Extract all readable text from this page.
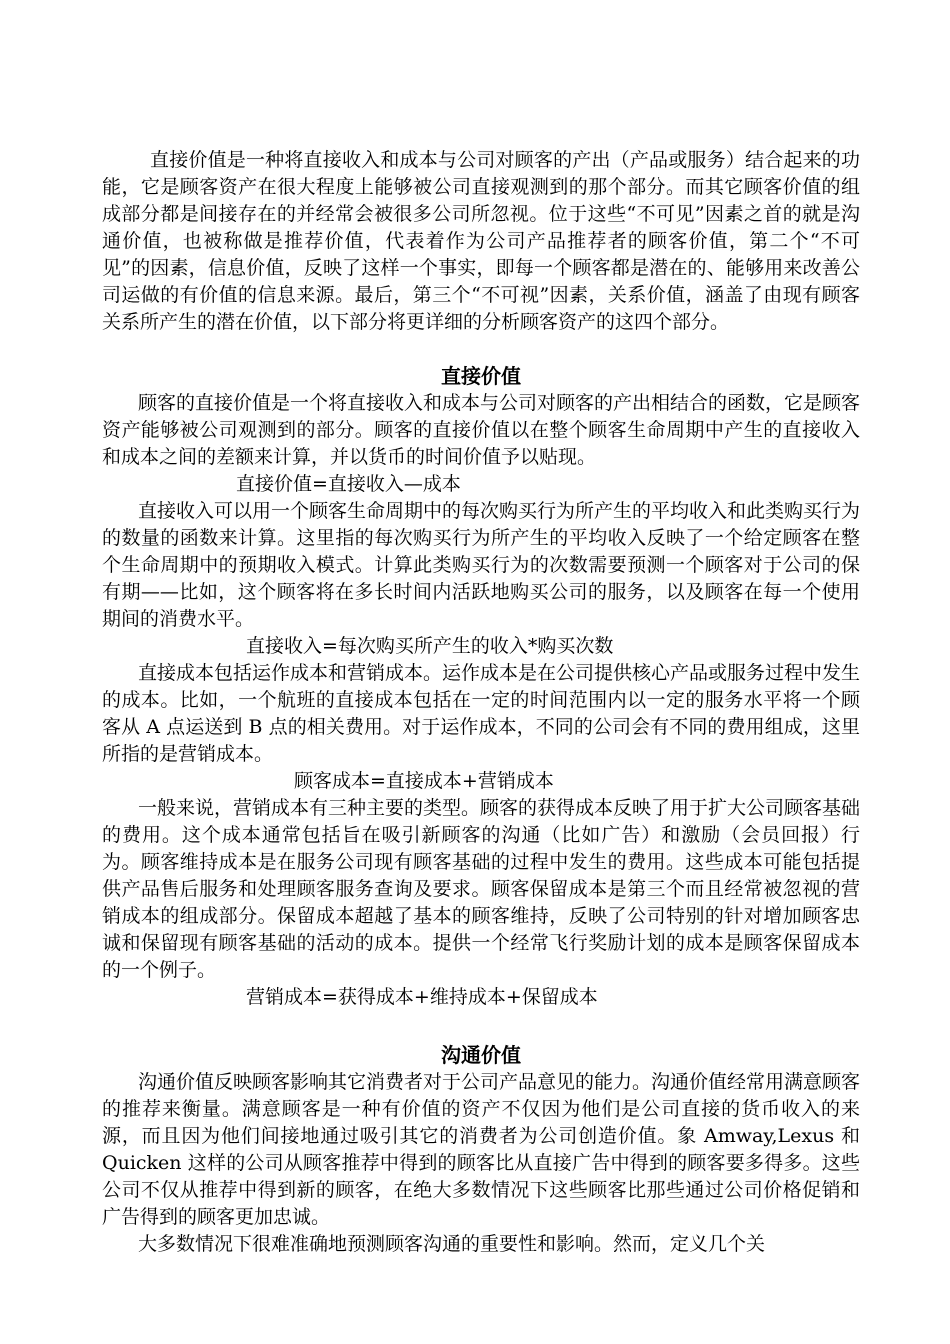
直接价值是一种将直接收入和成本与公司对顾客的产出（产品或服务）结合起来的功能，它是顾客资产在很大程度上能够被公司直接观测到的那个部分。而其它顾客价值的组成部分都是间接存在的并经常会被很多公司所忽视。位于这些“不可见”因素之首的就是沟通价值，也被称做是推荐价值，代表着作为公司产品推荐者的顾客价值，第二个“不可见”的因素，信息价值，反映了这样一个事实，即每一个顾客都是潜在的、能够用来改善公司运做的有价值的信息来源。最后，第三个“不可视”因素，关系价值，涵盖了由现有顾客关系所产生的潜在价值，以下部分将更详细的分析顾客资产的这四个部分。

直接价值

顾客的直接价值是一个将直接收入和成本与公司对顾客的产出相结合的函数，它是顾客资产能够被公司观测到的部分。顾客的直接价值以在整个顾客生命周期中产生的直接收入和成本之间的差额来计算，并以货币的时间价值予以贴现。

直接价值=直接收入—成本

直接收入可以用一个顾客生命周期中的每次购买行为所产生的平均收入和此类购买行为的数量的函数来计算。这里指的每次购买行为所产生的平均收入反映了一个给定顾客在整个生命周期中的预期收入模式。计算此类购买行为的次数需要预测一个顾客对于公司的保有期——比如，这个顾客将在多长时间内活跃地购买公司的服务，以及顾客在每一个使用期间的消费水平。

直接收入=每次购买所产生的收入*购买次数

直接成本包括运作成本和营销成本。运作成本是在公司提供核心产品或服务过程中发生的成本。比如，一个航班的直接成本包括在一定的时间范围内以一定的服务水平将一个顾客从 A 点运送到 B 点的相关费用。对于运作成本，不同的公司会有不同的费用组成，这里所指的是营销成本。

顾客成本=直接成本+营销成本

一般来说，营销成本有三种主要的类型。顾客的获得成本反映了用于扩大公司顾客基础的费用。这个成本通常包括旨在吸引新顾客的沟通（比如广告）和激励（会员回报）行为。顾客维持成本是在服务公司现有顾客基础的过程中发生的费用。这些成本可能包括提供产品售后服务和处理顾客服务查询及要求。顾客保留成本是第三个而且经常被忽视的营销成本的组成部分。保留成本超越了基本的顾客维持，反映了公司特别的针对增加顾客忠诚和保留现有顾客基础的活动的成本。提供一个经常飞行奖励计划的成本是顾客保留成本的一个例子。

营销成本=获得成本+维持成本+保留成本
沟通价值

沟通价值反映顾客影响其它消费者对于公司产品意见的能力。沟通价值经常用满意顾客的推荐来衡量。满意顾客是一种有价值的资产不仅因为他们是公司直接的货币收入的来源，而且因为他们间接地通过吸引其它的消费者为公司创造价值。象 Amway,Lexus 和 Quicken 这样的公司从顾客推荐中得到的顾客比从直接广告中得到的顾客要多得多。这些公司不仅从推荐中得到新的顾客，在绝大多数情况下这些顾客比那些通过公司价格促销和广告得到的顾客更加忠诚。

大多数情况下很难准确地预测顾客沟通的重要性和影响。然而，定义几个关
